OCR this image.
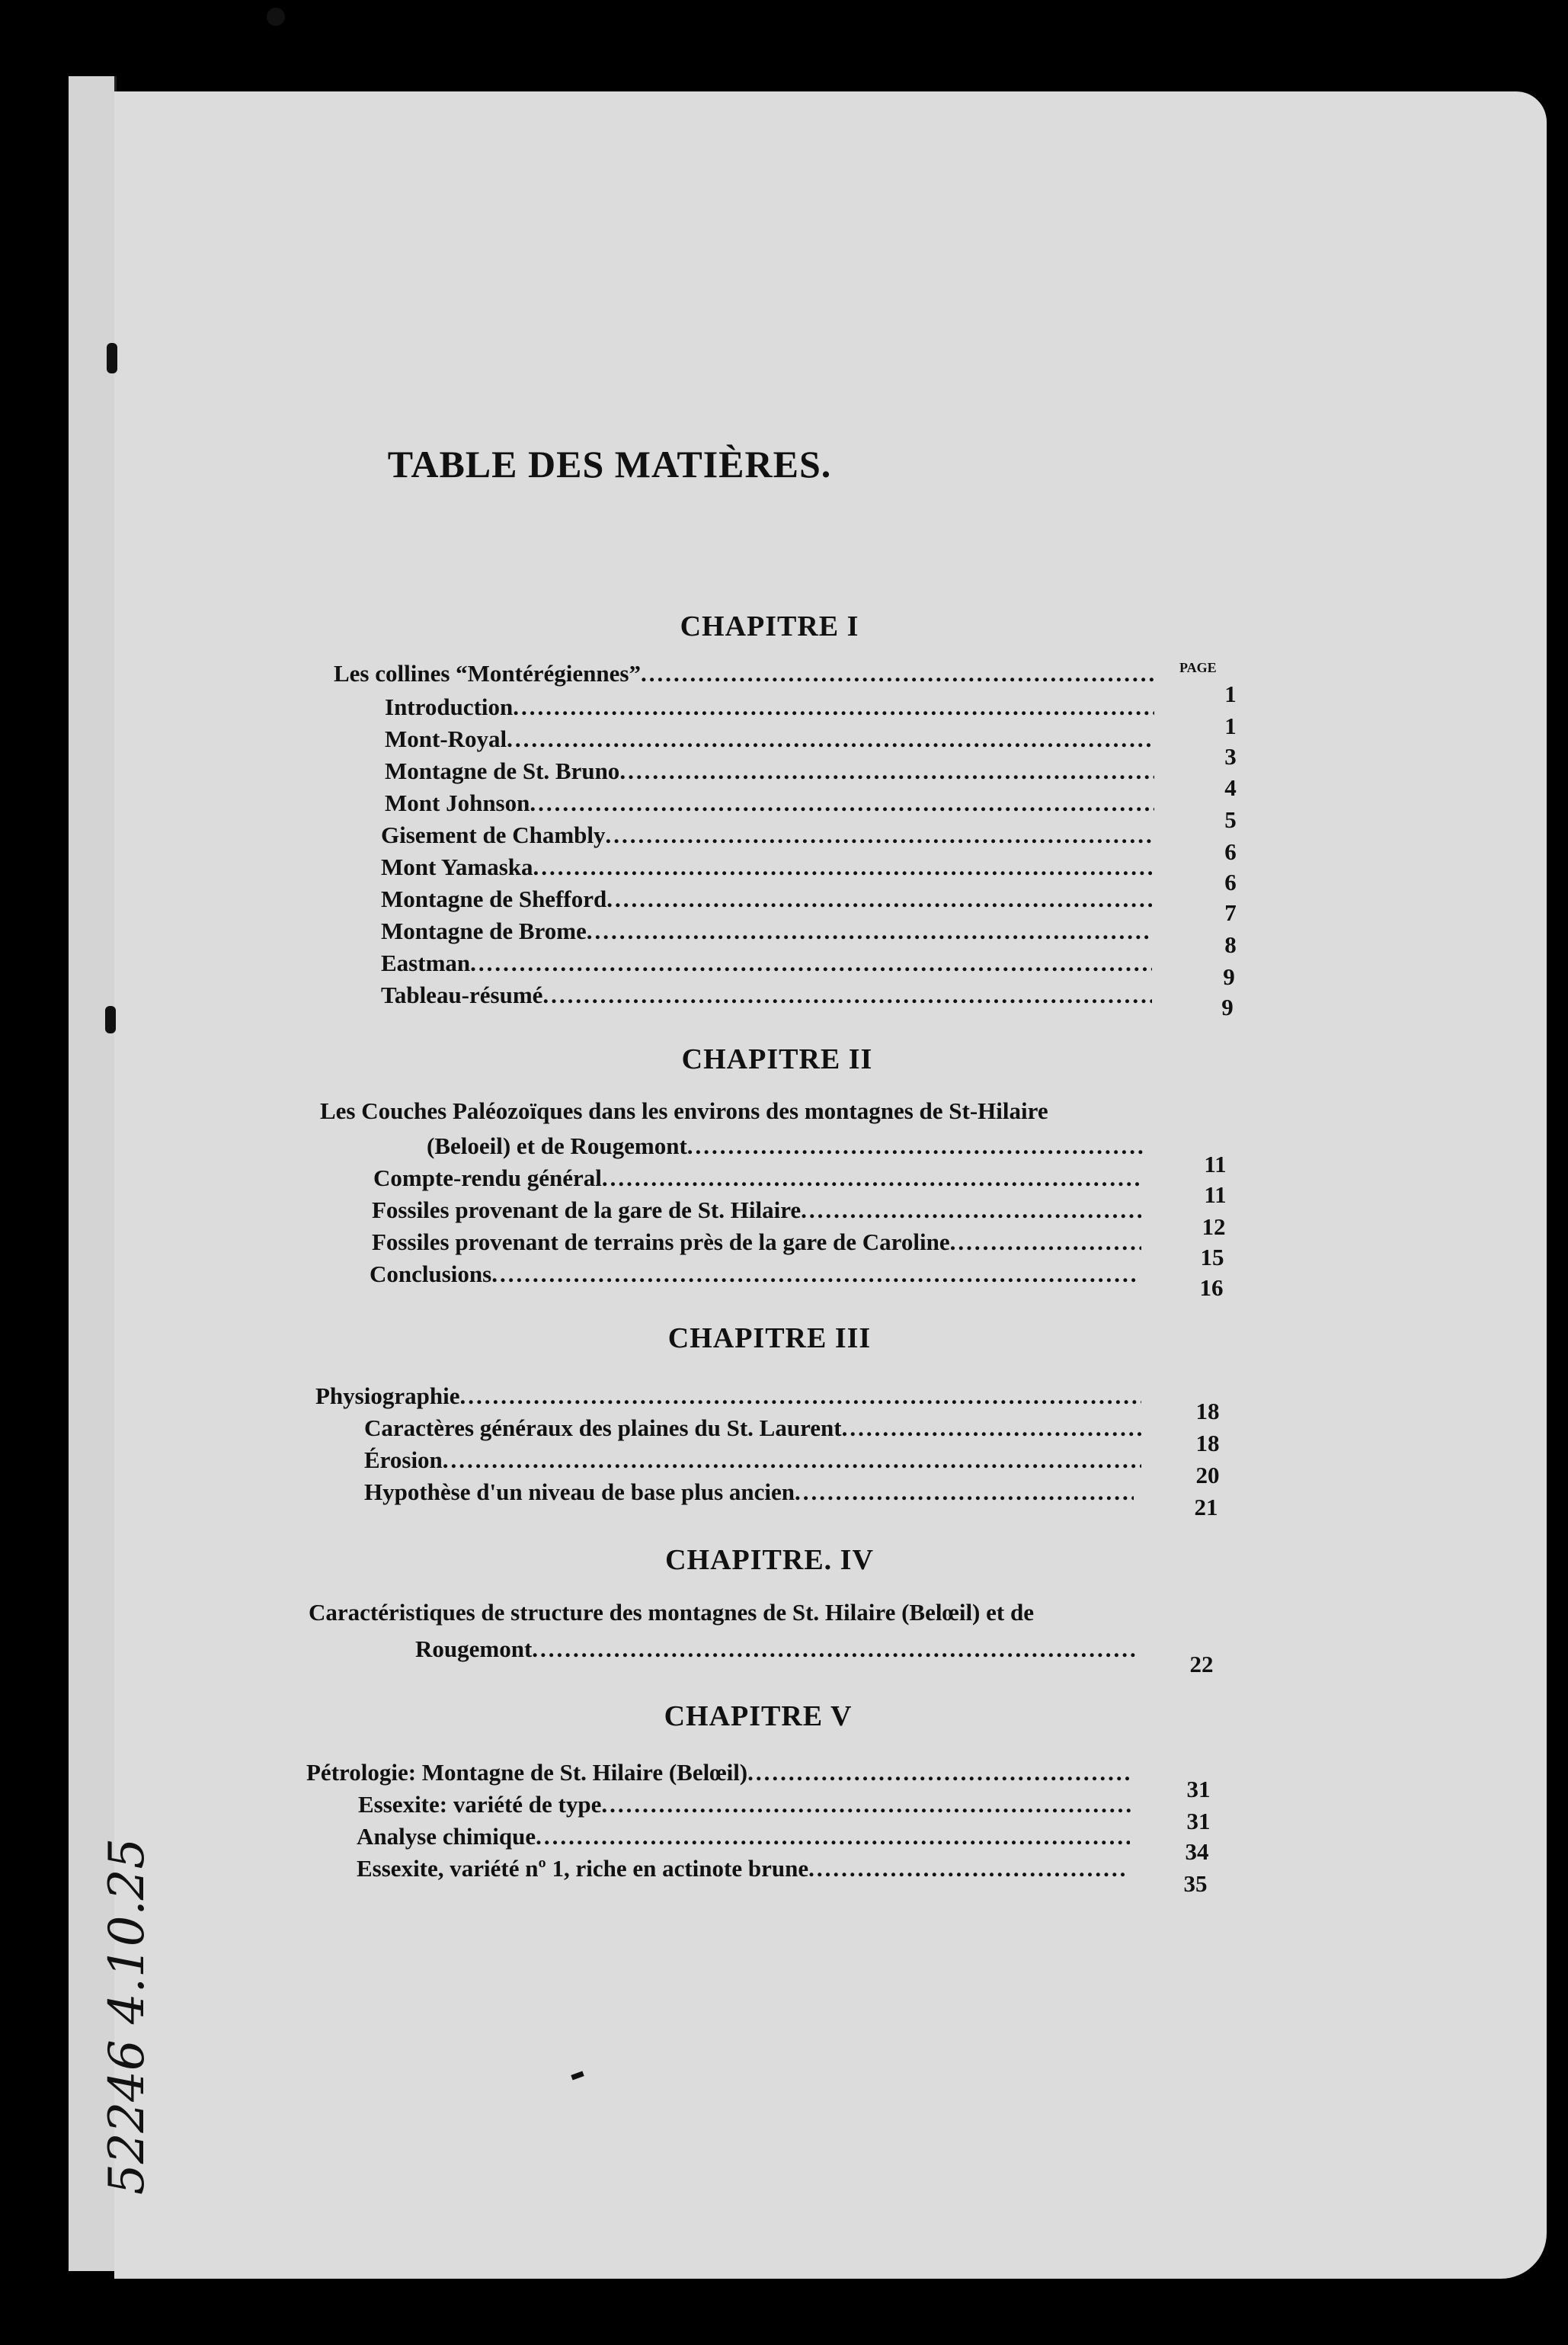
TABLE DES MATIÈRES.
PAGE
CHAPITRE I
Les collines “Montérégiennes”
.....
1
Introduction
.....
1
Mont-Royal
.....
3
Montagne de St. Bruno
.....
4
Mont Johnson
.....
5
Gisement de Chambly
.....
6
Mont Yamaska
.....
6
Montagne de Shefford
.....
7
Montagne de Brome
.....
8
Eastman
.....
9
Tableau-résumé
.....	9
CHAPITRE II
Les Couches Paléozoïques dans les environs des montagnes de St-Hilaire
(Beloeil) et de Rougemont
.....
11
Compte-rendu général
.....
11
Fossiles provenant de la gare de St. Hilaire
.....
12
Fossiles provenant de terrains près de la gare de Caroline
.....
15
Conclusions
.....
16
CHAPITRE III
Physiographie
.....
18
Caractères généraux des plaines du St. Laurent
.....
18
Érosion
.....
20
Hypothèse d'un niveau de base plus ancien
.....
21
CHAPITRE. IV
Caractéristiques de structure des montagnes de St. Hilaire (Belœil) et de
Rougemont
.....
22
CHAPITRE V
Pétrologie: Montagne de St. Hilaire (Belœil)
.....
31
Essexite: variété de type
.....
31
Analyse chimique
.....
34
Essexite, variété nº 1, riche en actinote brune
.....
35
52246 4.10.25
